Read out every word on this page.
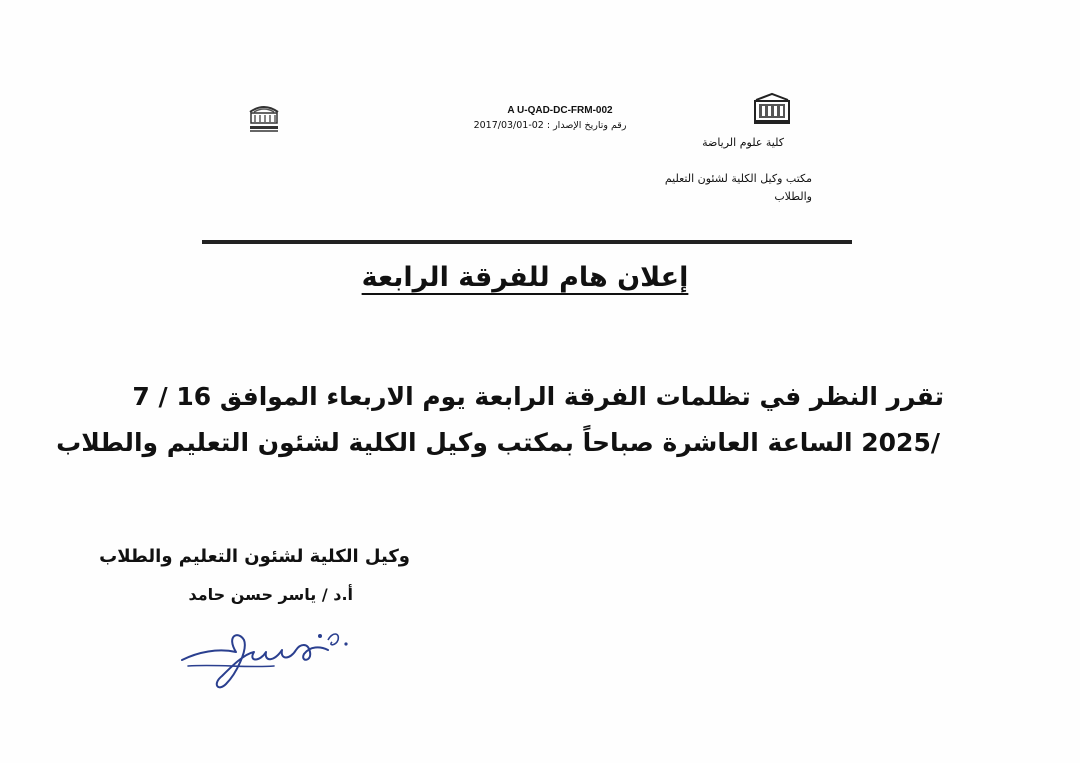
A U-QAD-DC-FRM-002
رقم وتاريخ الإصدار : 02-2017/03/01
كلية علوم الرياضة
مكتب وكيل الكلية لشئون التعليم والطلاب
إعلان هام للفرقة الرابعة
تقرر النظر في تظلمات الفرقة الرابعة يوم الاربعاء الموافق 16 / 7
/2025 الساعة العاشرة صباحاً بمكتب وكيل الكلية لشئون التعليم والطلاب
وكيل الكلية لشئون التعليم والطلاب
أ.د / ياسر حسن حامد
